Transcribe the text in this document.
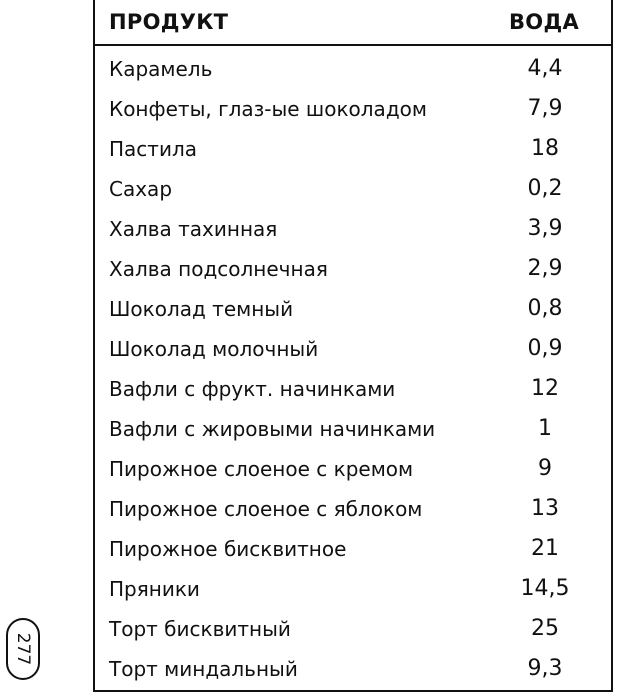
ПРОДУКТ	ВОДА
Карамель	4,4
Конфеты, глаз-ые шоколадом	7,9
Пастила	18
Сахар	0,2
Халва тахинная	3,9
Халва подсолнечная	2,9
Шоколад темный	0,8
Шоколад молочный	0,9
Вафли с фрукт. начинками	12
Вафли с жировыми начинками	1
Пирожное слоеное с кремом	9
Пирожное слоеное с яблоком	13
Пирожное бисквитное	21
Пряники	14,5
Торт бисквитный	25
Торт миндальный	9,3
277
